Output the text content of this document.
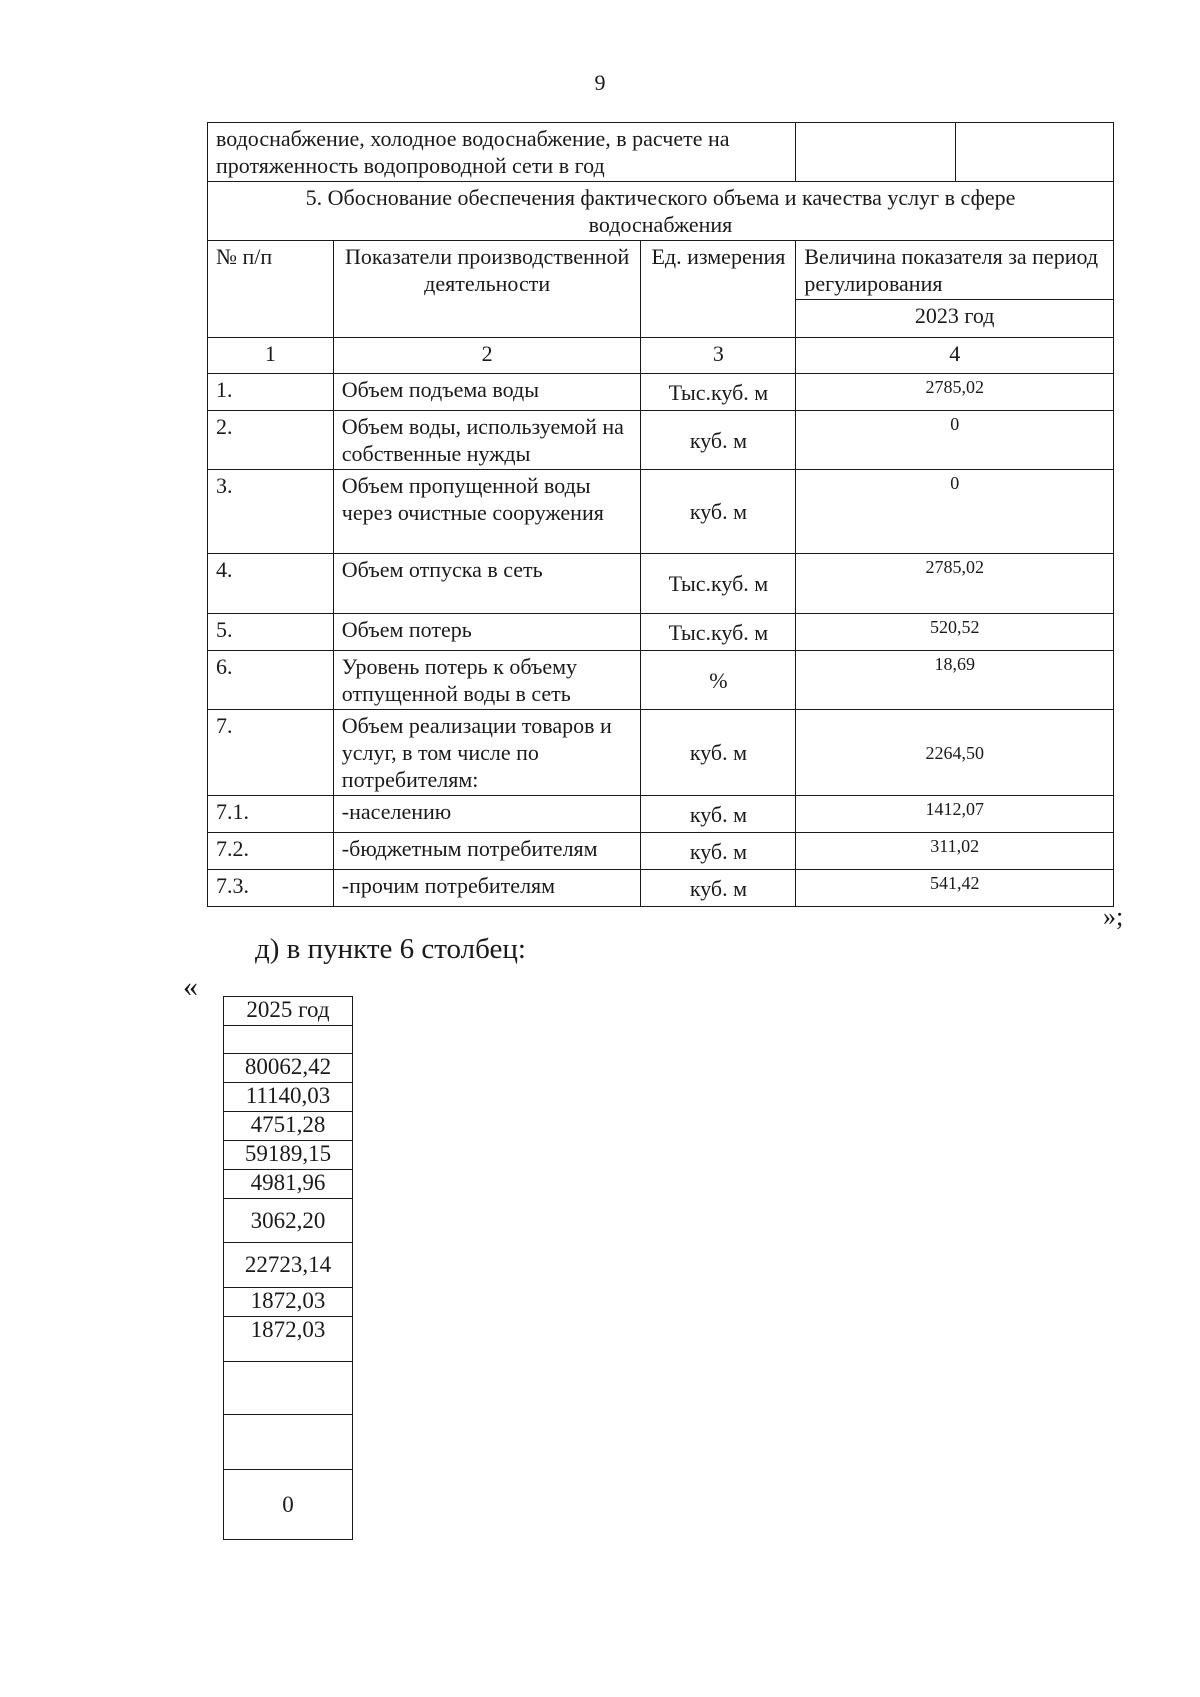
9
водоснабжение, холодное водоснабжение, в расчете на
протяженность водопроводной сети в год				

5. Обоснование обеспечения фактического объема и качества услуг в сфере
водоснабжения				

№ п/п	Показатели производственной деятельности	Ед. измерения	Величина показателя за период регулирования	
			2023 год	
1	2	3	4	
1.	Объем подъема воды	Тыс.куб. м	2785,02	
2.	Объем воды, используемой на собственные нужды	куб. м	0	
3.	Объем пропущенной воды через очистные сооружения	куб. м	0	
4.	Объем отпуска в сеть	Тыс.куб. м	2785,02	
5.	Объем потерь	Тыс.куб. м	520,52	
6.	Уровень потерь к объему отпущенной воды в сеть	%	18,69	
7.	Объем реализации товаров и услуг, в том числе по потребителям:	куб. м	2264,50	
7.1.	-населению	куб. м	1412,07	
7.2.	-бюджетным потребителям	куб. м	311,02	
7.3.	-прочим потребителям	куб. м	541,42	
»;
д) в пункте 6 столбец:
«
2025 год

80062,42
11140,03
4751,28
59189,15
4981,96
3062,20
22723,14
1872,03
1872,03

0
